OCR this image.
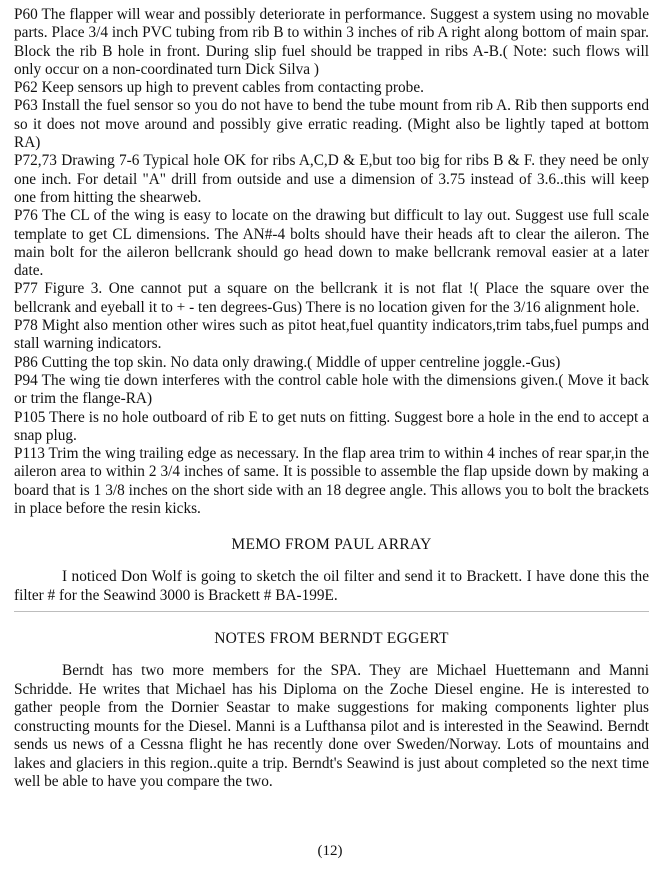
P60 The flapper will wear and possibly deteriorate in performance. Suggest a system using no movable parts. Place 3/4 inch PVC tubing from rib B to within 3 inches of rib A right along bottom of main spar. Block the rib B hole in front. During slip fuel should be trapped in ribs A-B.( Note: such flows will only occur on a non-coordinated turn Dick Silva )

P62 Keep sensors up high to prevent cables from contacting probe.

P63 Install the fuel sensor so you do not have to bend the tube mount from rib A. Rib then supports end so it does not move around and possibly give erratic reading. (Might also be lightly taped at bottom RA)

P72,73 Drawing 7-6 Typical hole OK for ribs A,C,D & E,but too big for ribs B & F. they need be only one inch. For detail "A" drill from outside and use a dimension of 3.75 instead of 3.6..this will keep one from hitting the shearweb.

P76 The CL of the wing is easy to locate on the drawing but difficult to lay out. Suggest use full scale template to get CL dimensions. The AN#-4 bolts should have their heads aft to clear the aileron. The main bolt for the aileron bellcrank should go head down to make bellcrank removal easier at a later date.

P77 Figure 3. One cannot put a square on the bellcrank it is not flat !( Place the square over the bellcrank and eyeball it to + - ten degrees-Gus) There is no location given for the 3/16 alignment hole.

P78 Might also mention other wires such as pitot heat,fuel quantity indicators,trim tabs,fuel pumps and stall warning indicators.

P86 Cutting the top skin. No data only drawing.( Middle of upper centreline joggle.-Gus)

P94 The wing tie down interferes with the control cable hole with the dimensions given.( Move it back or trim the flange-RA)

P105 There is no hole outboard of rib E to get nuts on fitting. Suggest bore a hole in the end to accept a snap plug.

P113 Trim the wing trailing edge as necessary. In the flap area trim to within 4 inches of rear spar,in the aileron area to within 2 3/4 inches of same. It is possible to assemble the flap upside down by making a board that is 1 3/8 inches on the short side with an 18 degree angle. This allows you to bolt the brackets in place before the resin kicks.

MEMO FROM PAUL ARRAY

I noticed Don Wolf is going to sketch the oil filter and send it to Brackett. I have done this the filter # for the Seawind 3000 is Brackett # BA-199E.

NOTES FROM BERNDT EGGERT

Berndt has two more members for the SPA. They are Michael Huettemann and Manni Schridde. He writes that Michael has his Diploma on the Zoche Diesel engine. He is interested to gather people from the Dornier Seastar to make suggestions for making components lighter plus constructing mounts for the Diesel. Manni is a Lufthansa pilot and is interested in the Seawind. Berndt sends us news of a Cessna flight he has recently done over Sweden/Norway. Lots of mountains and lakes and glaciers in this region..quite a trip. Berndt's Seawind is just about completed so the next time well be able to have you compare the two.

(12)
